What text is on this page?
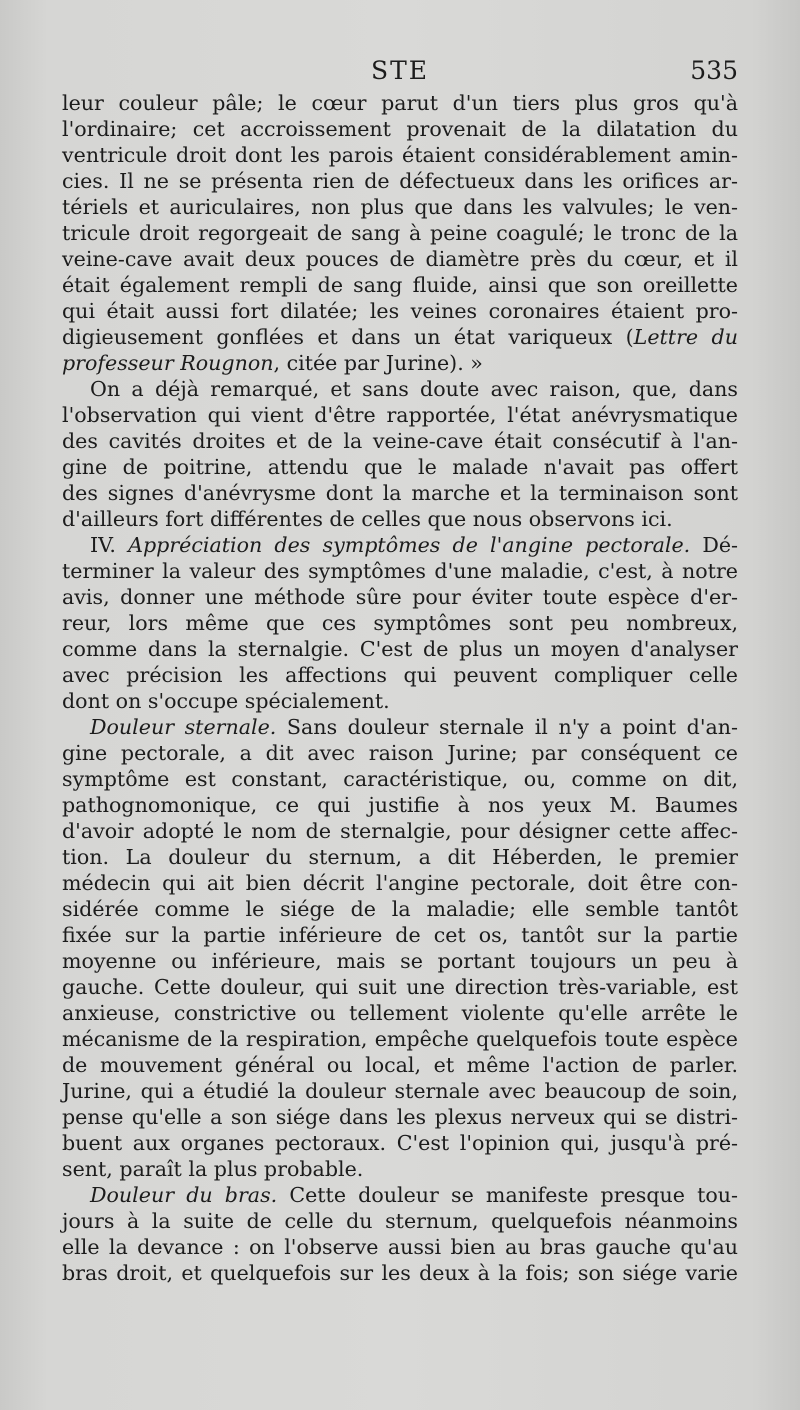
STE	535
leur couleur pâle; le cœur parut d'un tiers plus gros qu'à
l'ordinaire; cet accroissement provenait de la dilatation du
ventricule droit dont les parois étaient considérablement amin-
cies. Il ne se présenta rien de défectueux dans les orifices ar-
tériels et auriculaires, non plus que dans les valvules; le ven-
tricule droit regorgeait de sang à peine coagulé; le tronc de la
veine-cave avait deux pouces de diamètre près du cœur, et il
était également rempli de sang fluide, ainsi que son oreillette
qui était aussi fort dilatée; les veines coronaires étaient pro-
digieusement gonflées et dans un état variqueux (Lettre du
professeur Rougnon, citée par Jurine). »
On a déjà remarqué, et sans doute avec raison, que, dans
l'observation qui vient d'être rapportée, l'état anévrysmatique
des cavités droites et de la veine-cave était consécutif à l'an-
gine de poitrine, attendu que le malade n'avait pas offert
des signes d'anévrysme dont la marche et la terminaison sont
d'ailleurs fort différentes de celles que nous observons ici.
IV. Appréciation des symptômes de l'angine pectorale. Dé-
terminer la valeur des symptômes d'une maladie, c'est, à notre
avis, donner une méthode sûre pour éviter toute espèce d'er-
reur, lors même que ces symptômes sont peu nombreux,
comme dans la sternalgie. C'est de plus un moyen d'analyser
avec précision les affections qui peuvent compliquer celle
dont on s'occupe spécialement.
Douleur sternale. Sans douleur sternale il n'y a point d'an-
gine pectorale, a dit avec raison Jurine; par conséquent ce
symptôme est constant, caractéristique, ou, comme on dit,
pathognomonique, ce qui justifie à nos yeux M. Baumes
d'avoir adopté le nom de sternalgie, pour désigner cette affec-
tion. La douleur du sternum, a dit Héberden, le premier
médecin qui ait bien décrit l'angine pectorale, doit être con-
sidérée comme le siége de la maladie; elle semble tantôt
fixée sur la partie inférieure de cet os, tantôt sur la partie
moyenne ou inférieure, mais se portant toujours un peu à
gauche. Cette douleur, qui suit une direction très-variable, est
anxieuse, constrictive ou tellement violente qu'elle arrête le
mécanisme de la respiration, empêche quelquefois toute espèce
de mouvement général ou local, et même l'action de parler.
Jurine, qui a étudié la douleur sternale avec beaucoup de soin,
pense qu'elle a son siége dans les plexus nerveux qui se distri-
buent aux organes pectoraux. C'est l'opinion qui, jusqu'à pré-
sent, paraît la plus probable.
Douleur du bras. Cette douleur se manifeste presque tou-
jours à la suite de celle du sternum, quelquefois néanmoins
elle la devance : on l'observe aussi bien au bras gauche qu'au
bras droit, et quelquefois sur les deux à la fois; son siége varie
